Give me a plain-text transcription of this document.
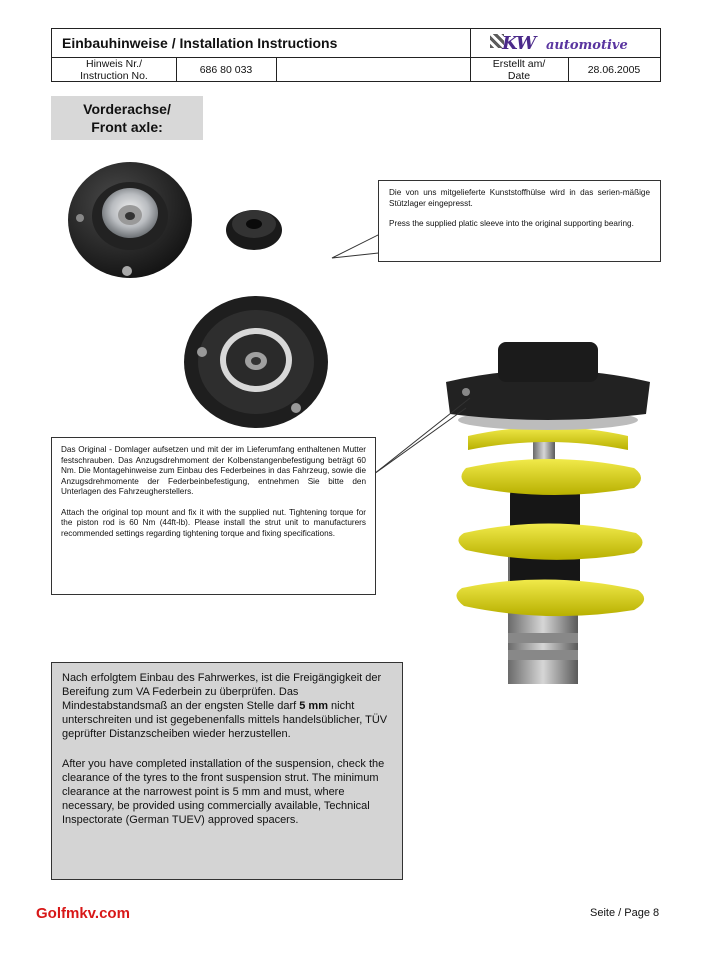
Einbauhinweise / Installation Instructions	KW automotive
Hinweis Nr./
Instruction No.	686 80 033	Erstellt am/
Date	28.06.2005
Vorderachse/
Front axle:

Die von uns mitgelieferte Kunststoffhülse wird in das serien-mäßige Stützlager eingepresst.

Press the supplied platic sleeve into the original supporting bearing.

Das Original - Domlager aufsetzen und mit der im Lieferumfang enthaltenen Mutter festschrauben. Das Anzugsdrehmoment der Kolbenstangenbefestigung beträgt 60 Nm. Die Montagehinweise zum Einbau des Federbeines in das Fahrzeug, sowie die Anzugsdrehmomente der Federbeinbefestigung, entnehmen Sie bitte den Unterlagen des Fahrzeugherstellers.

Attach the original top mount and fix it with the supplied nut. Tightening torque for the piston rod is 60 Nm (44ft-lb). Please install the strut unit to manufacturers recommended settings regarding tightening torque and fixing specifications.

Nach erfolgtem Einbau des Fahrwerkes, ist die Freigängigkeit der Bereifung zum VA Federbein zu überprüfen. Das Mindestabstandsmaß an der engsten Stelle darf 5 mm nicht unterschreiten und ist gegebenenfalls mittels handelsüblicher, TÜV geprüfter Distanzscheiben wieder herzustellen.

After you have completed installation of the suspension, check the clearance of the tyres to the front suspension strut. The minimum clearance at the narrowest point is 5 mm and must, where necessary, be provided using commercially available, Technical Inspectorate (German TUEV) approved spacers.

Golfmkv.com	Seite / Page 8
